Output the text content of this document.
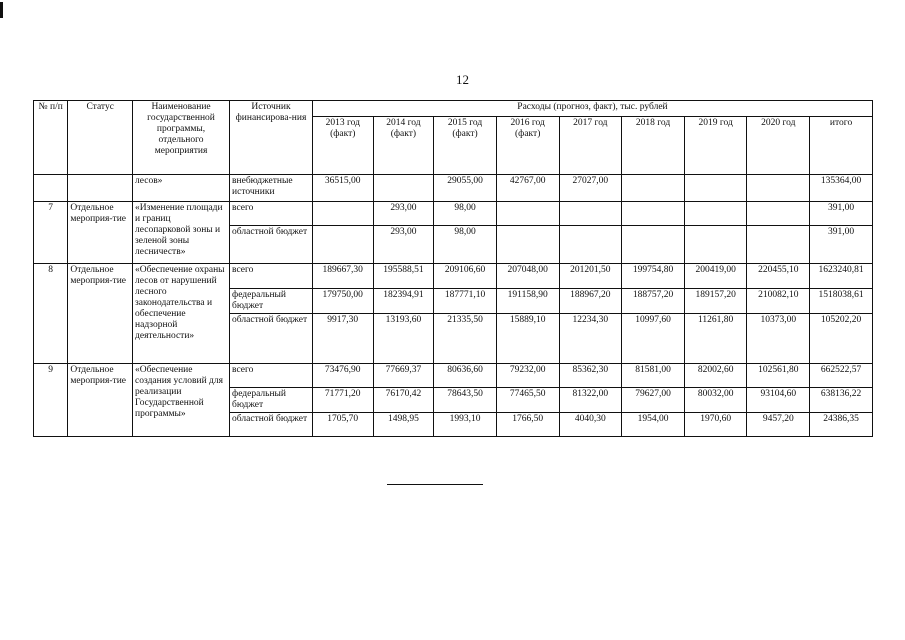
12
№ п/п	Статус	Наименование государственной программы, отдельного мероприятия	Источник финансирова-ния	Расходы (прогноз, факт), тыс. рублей								
				2013 год (факт)	2014 год (факт)	2015 год (факт)	2016 год (факт)	2017 год	2018 год	2019 год	2020 год	итого
		лесов»	внебюджетные источники	36515,00		29055,00	42767,00	27027,00				135364,00
7	Отдельное мероприя-тие	«Изменение площади и границ лесопарковой зоны и зеленой зоны лесничеств»	всего		293,00	98,00						391,00
			областной бюджет		293,00	98,00						391,00
8	Отдельное мероприя-тие	«Обеспечение охраны лесов от нарушений лесного законодательства и обеспечение надзорной деятельности»	всего	189667,30	195588,51	209106,60	207048,00	201201,50	199754,80	200419,00	220455,10	1623240,81
			федеральный бюджет	179750,00	182394,91	187771,10	191158,90	188967,20	188757,20	189157,20	210082,10	1518038,61
			областной бюджет	9917,30	13193,60	21335,50	15889,10	12234,30	10997,60	11261,80	10373,00	105202,20
9	Отдельное мероприя-тие	«Обеспечение создания условий для реализации Государственной программы»	всего	73476,90	77669,37	80636,60	79232,00	85362,30	81581,00	82002,60	102561,80	662522,57
			федеральный бюджет	71771,20	76170,42	78643,50	77465,50	81322,00	79627,00	80032,00	93104,60	638136,22
			областной бюджет	1705,70	1498,95	1993,10	1766,50	4040,30	1954,00	1970,60	9457,20	24386,35
